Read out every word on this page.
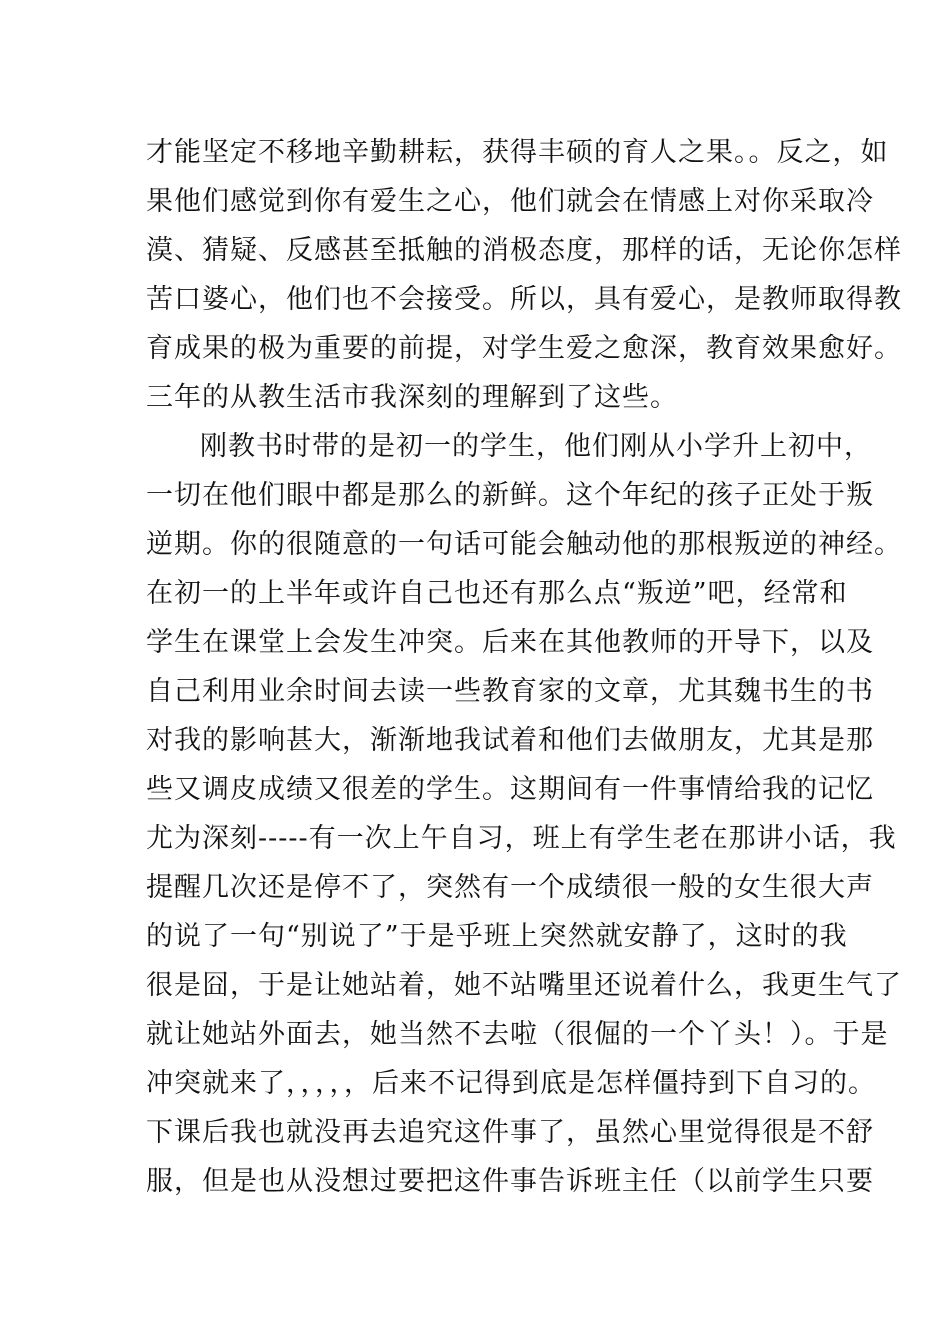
才能坚定不移地辛勤耕耘，获得丰硕的育人之果。。反之，如
果他们感觉到你有爱生之心，他们就会在情感上对你采取冷
漠、猜疑、反感甚至抵触的消极态度，那样的话，无论你怎样
苦口婆心，他们也不会接受。所以，具有爱心，是教师取得教
育成果的极为重要的前提，对学生爱之愈深，教育效果愈好。
三年的从教生活市我深刻的理解到了这些。
刚教书时带的是初一的学生，他们刚从小学升上初中，
一切在他们眼中都是那么的新鲜。这个年纪的孩子正处于叛
逆期。你的很随意的一句话可能会触动他的那根叛逆的神经。
在初一的上半年或许自己也还有那么点“叛逆”吧，经常和
学生在课堂上会发生冲突。后来在其他教师的开导下，以及
自己利用业余时间去读一些教育家的文章，尤其魏书生的书
对我的影响甚大，渐渐地我试着和他们去做朋友，尤其是那
些又调皮成绩又很差的学生。这期间有一件事情给我的记忆
尤为深刻-----有一次上午自习，班上有学生老在那讲小话，我
提醒几次还是停不了，突然有一个成绩很一般的女生很大声
的说了一句“别说了”于是乎班上突然就安静了，这时的我
很是囧，于是让她站着，她不站嘴里还说着什么，我更生气了
就让她站外面去，她当然不去啦（很倔的一个丫头！）。于是
冲突就来了，，，，，后来不记得到底是怎样僵持到下自习的。
下课后我也就没再去追究这件事了，虽然心里觉得很是不舒
服，但是也从没想过要把这件事告诉班主任（以前学生只要
